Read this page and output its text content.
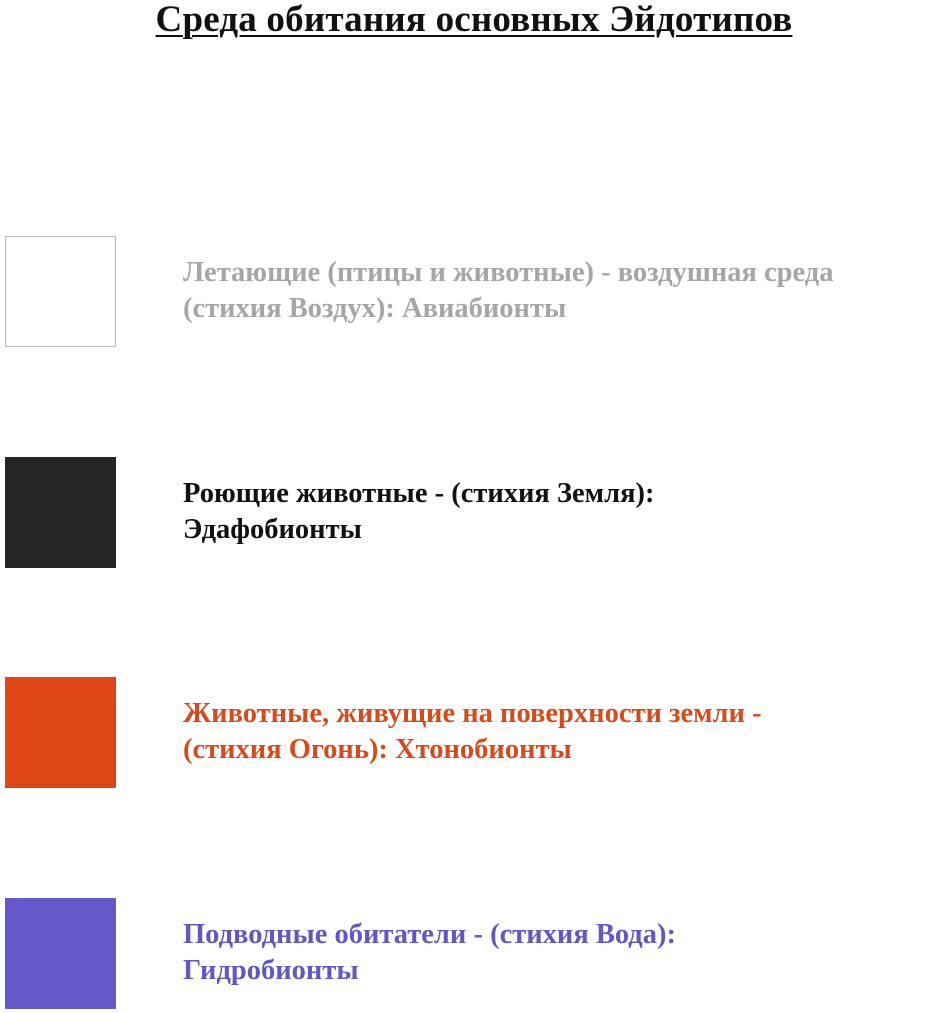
Среда обитания основных Эйдотипов
Летающие (птицы и животные) - воздушная среда
(стихия Воздух): Авиабионты
Роющие животные - (стихия Земля):
Эдафобионты
Животные, живущие на поверхности земли -
(стихия Огонь): Хтонобионты
Подводные обитатели - (стихия Вода):
Гидробионты
